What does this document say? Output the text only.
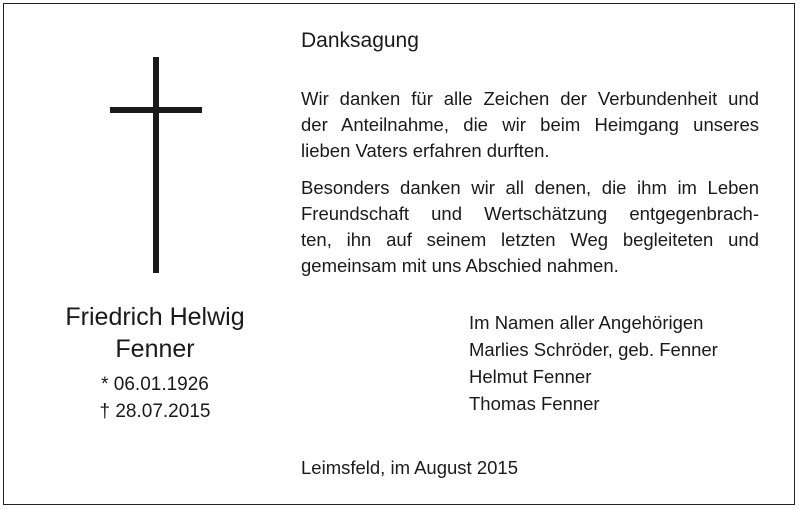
Friedrich Helwig
Fenner
* 06.01.1926
† 28.07.2015
Danksagung
Wir danken für alle Zeichen der Verbundenheit und
der Anteilnahme, die wir beim Heimgang unseres
lieben Vaters erfahren durften.
Besonders danken wir all denen, die ihm im Leben
Freundschaft und Wertschätzung entgegenbrach-
ten, ihn auf seinem letzten Weg begleiteten und
gemeinsam mit uns Abschied nahmen.
Im Namen aller Angehörigen
Marlies Schröder, geb. Fenner
Helmut Fenner
Thomas Fenner
Leimsfeld, im August 2015
